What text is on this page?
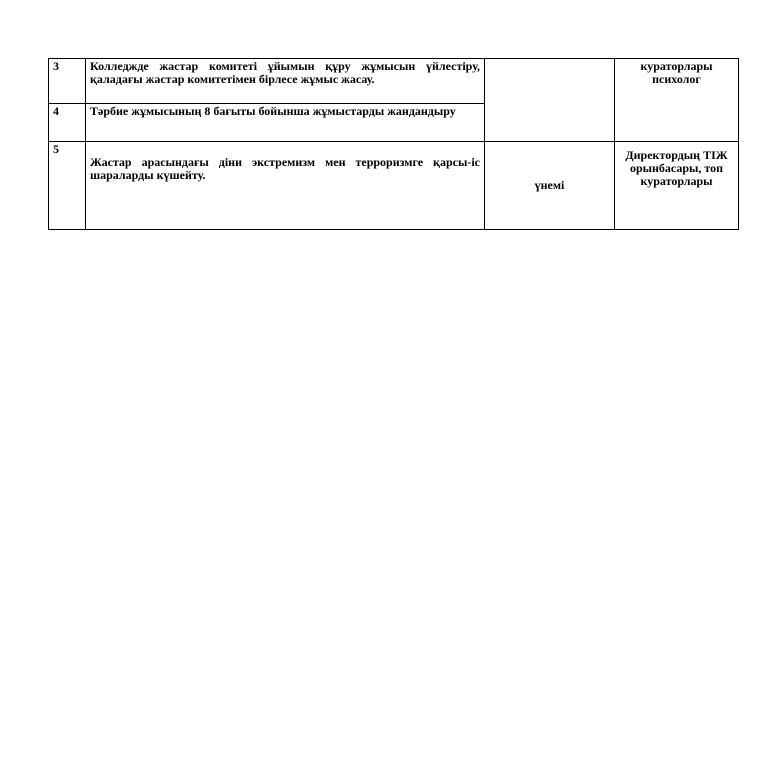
3	Колледжде жастар комитеті ұйымын құру жұмысын үйлестіру, қаладағы жастар комитетімен бірлесе жұмыс жасау.		кураторлары психолог
4	Тәрбие жұмысының 8 бағыты бойынша жұмыстарды жандандыру		
5	Жастар арасындағы діни экстремизм мен терроризмге қарсы-іс шараларды күшейту.	үнемі	Директордың ТІЖ орынбасары, топ кураторлары
